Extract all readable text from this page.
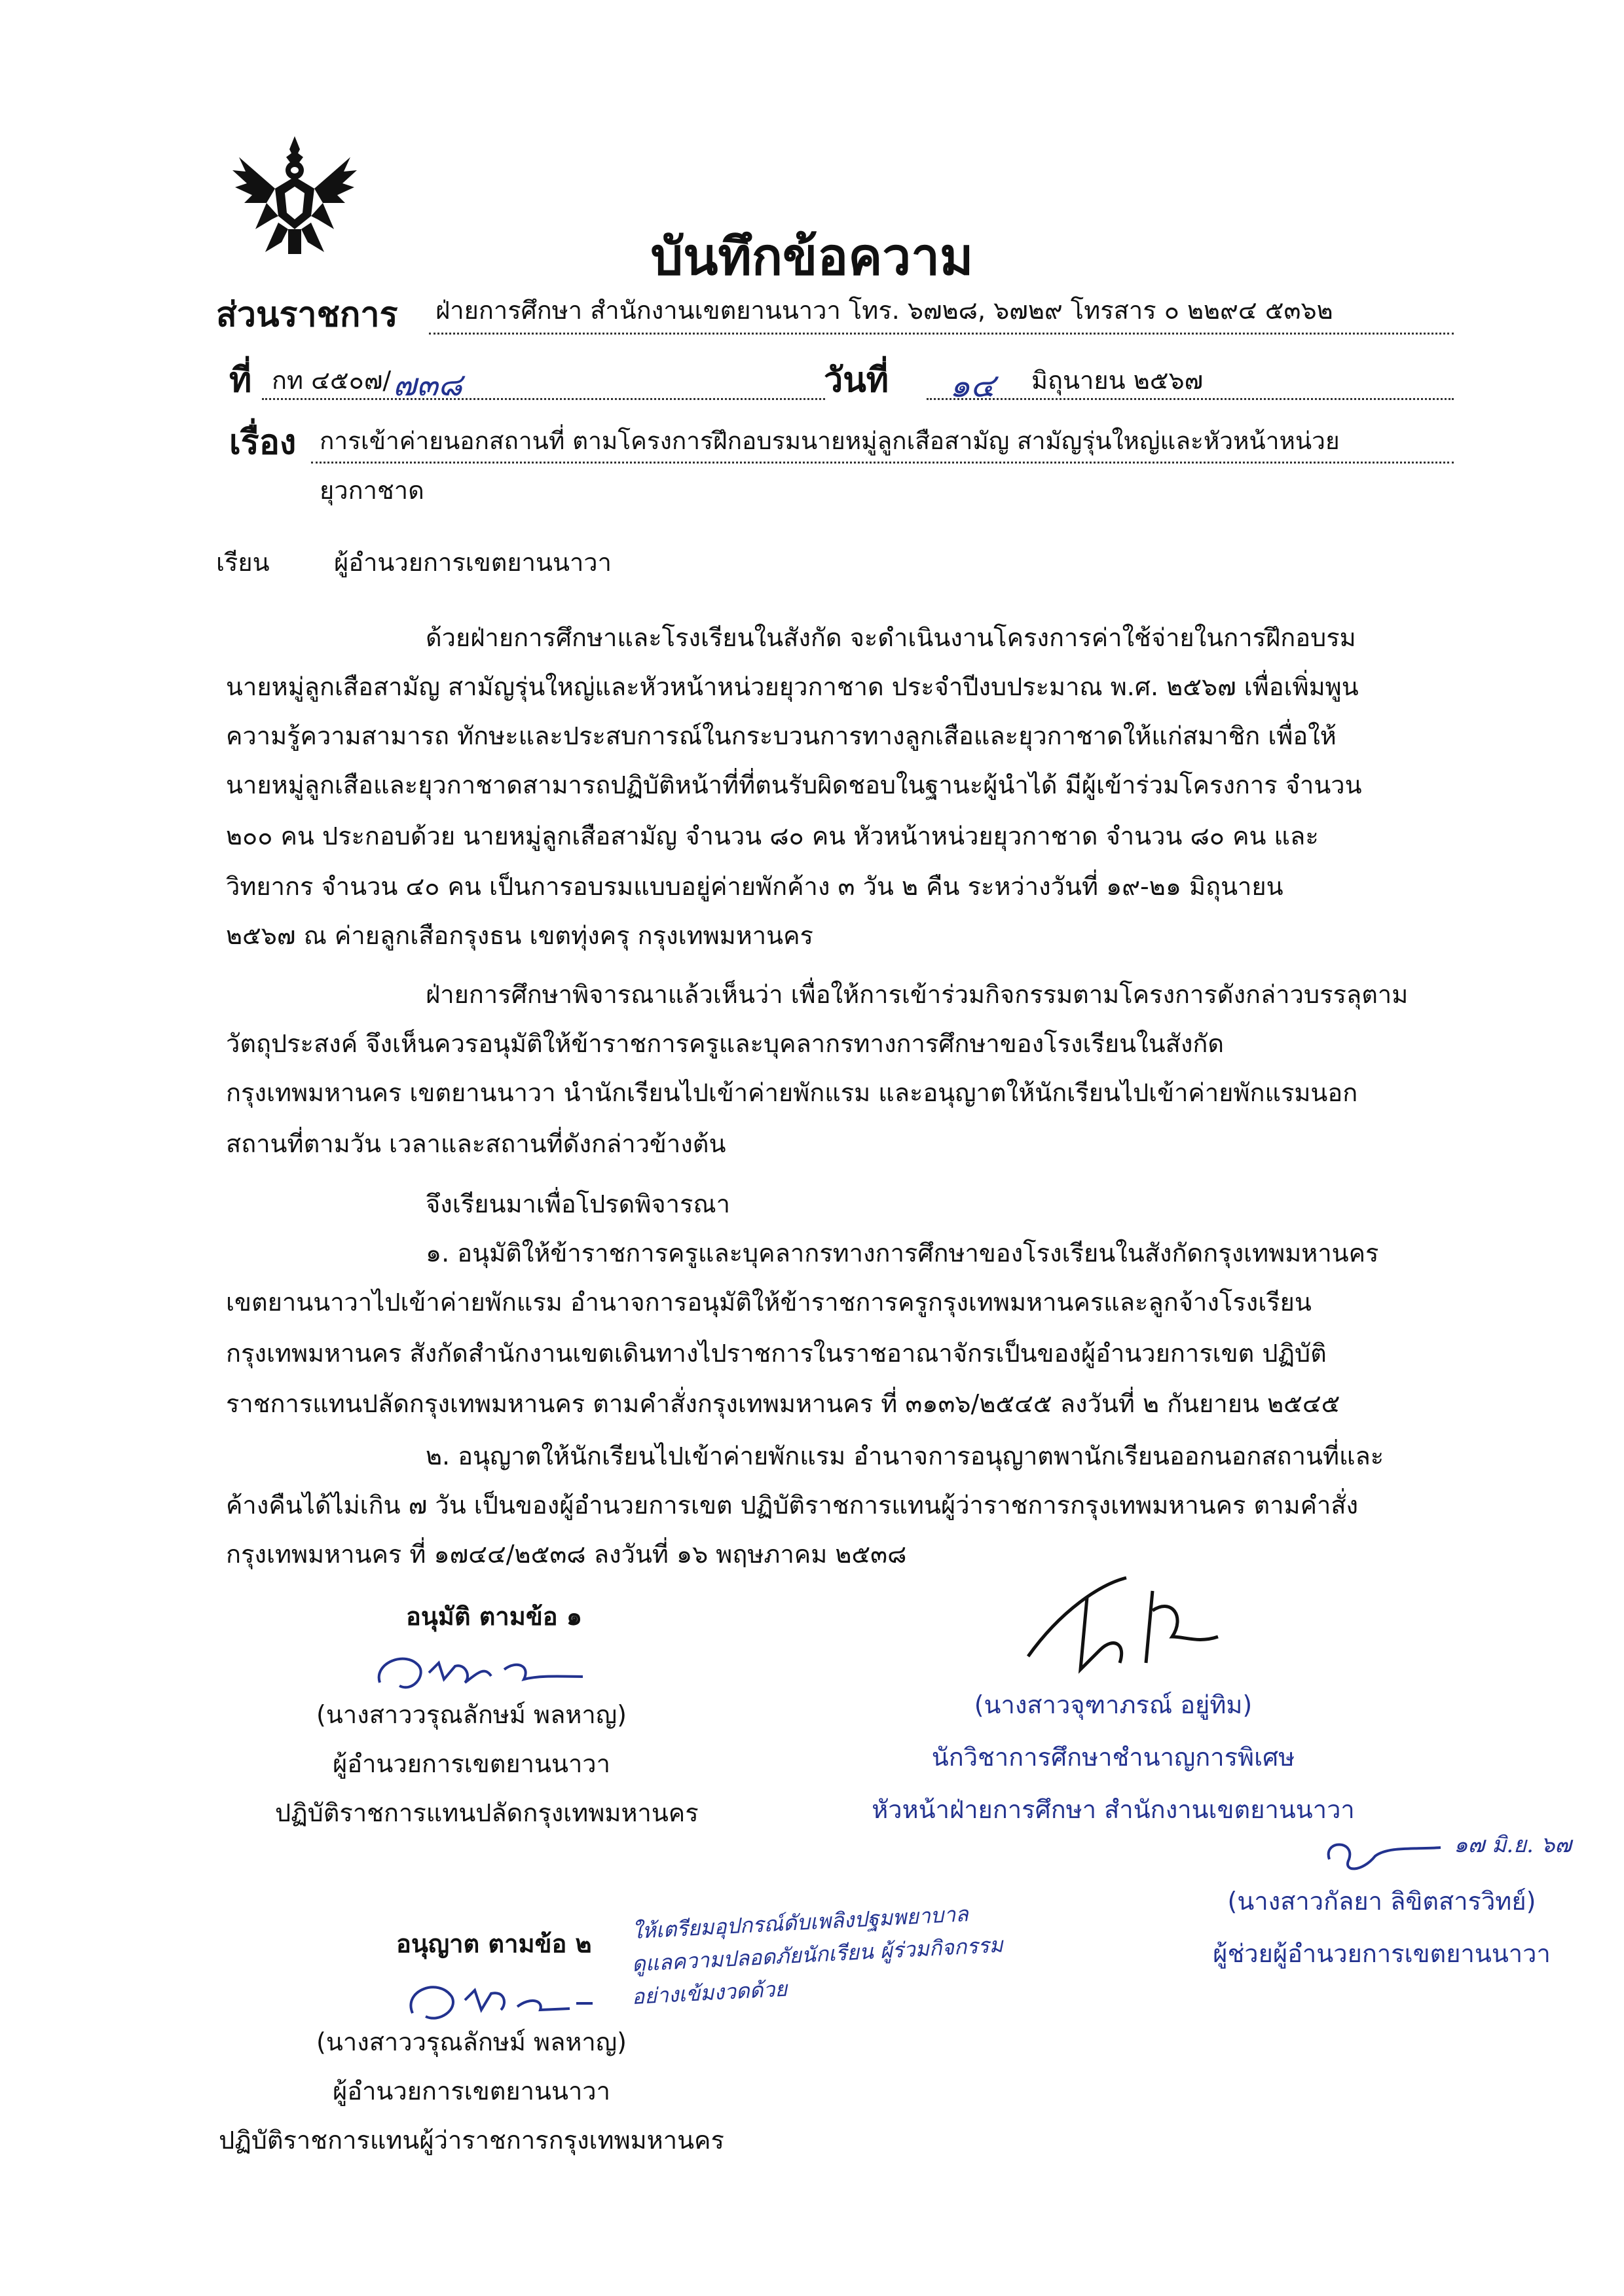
บันทึกข้อความ
ส่วนราชการ ฝ่ายการศึกษา สำนักงานเขตยานนาวา โทร. ๖๗๒๘, ๖๗๒๙ โทรสาร ๐ ๒๒๙๔ ๕๓๖๒
ที่ กท ๔๕๐๗/ ๗๓๘	วันที่ ๑๔ มิถุนายน ๒๕๖๗
เรื่อง การเข้าค่ายนอกสถานที่ ตามโครงการฝึกอบรมนายหมู่ลูกเสือสามัญ สามัญรุ่นใหญ่และหัวหน้าหน่วย
ยุวกาชาด
เรียน	ผู้อำนวยการเขตยานนาวา
ด้วยฝ่ายการศึกษาและโรงเรียนในสังกัด จะดำเนินงานโครงการค่าใช้จ่ายในการฝึกอบรม
นายหมู่ลูกเสือสามัญ สามัญรุ่นใหญ่และหัวหน้าหน่วยยุวกาชาด ประจำปีงบประมาณ พ.ศ. ๒๕๖๗ เพื่อเพิ่มพูน
ความรู้ความสามารถ ทักษะและประสบการณ์ในกระบวนการทางลูกเสือและยุวกาชาดให้แก่สมาชิก เพื่อให้
นายหมู่ลูกเสือและยุวกาชาดสามารถปฏิบัติหน้าที่ที่ตนรับผิดชอบในฐานะผู้นำได้ มีผู้เข้าร่วมโครงการ จำนวน
๒๐๐ คน ประกอบด้วย นายหมู่ลูกเสือสามัญ จำนวน ๘๐ คน หัวหน้าหน่วยยุวกาชาด จำนวน ๘๐ คน และ
วิทยากร จำนวน ๔๐ คน เป็นการอบรมแบบอยู่ค่ายพักค้าง ๓ วัน ๒ คืน ระหว่างวันที่ ๑๙-๒๑ มิถุนายน
๒๕๖๗ ณ ค่ายลูกเสือกรุงธน เขตทุ่งครุ กรุงเทพมหานคร
ฝ่ายการศึกษาพิจารณาแล้วเห็นว่า เพื่อให้การเข้าร่วมกิจกรรมตามโครงการดังกล่าวบรรลุตาม
วัตถุประสงค์ จึงเห็นควรอนุมัติให้ข้าราชการครูและบุคลากรทางการศึกษาของโรงเรียนในสังกัด
กรุงเทพมหานคร เขตยานนาวา นำนักเรียนไปเข้าค่ายพักแรม และอนุญาตให้นักเรียนไปเข้าค่ายพักแรมนอก
สถานที่ตามวัน เวลาและสถานที่ดังกล่าวข้างต้น
จึงเรียนมาเพื่อโปรดพิจารณา
๑. อนุมัติให้ข้าราชการครูและบุคลากรทางการศึกษาของโรงเรียนในสังกัดกรุงเทพมหานคร
เขตยานนาวาไปเข้าค่ายพักแรม อำนาจการอนุมัติให้ข้าราชการครูกรุงเทพมหานครและลูกจ้างโรงเรียน
กรุงเทพมหานคร สังกัดสำนักงานเขตเดินทางไปราชการในราชอาณาจักรเป็นของผู้อำนวยการเขต ปฏิบัติ
ราชการแทนปลัดกรุงเทพมหานคร ตามคำสั่งกรุงเทพมหานคร ที่ ๓๑๓๖/๒๕๔๕ ลงวันที่ ๒ กันยายน ๒๕๔๕
๒. อนุญาตให้นักเรียนไปเข้าค่ายพักแรม อำนาจการอนุญาตพานักเรียนออกนอกสถานที่และ
ค้างคืนได้ไม่เกิน ๗ วัน เป็นของผู้อำนวยการเขต ปฏิบัติราชการแทนผู้ว่าราชการกรุงเทพมหานคร ตามคำสั่ง
กรุงเทพมหานคร ที่ ๑๗๔๔/๒๕๓๘ ลงวันที่ ๑๖ พฤษภาคม ๒๕๓๘
อนุมัติ ตามข้อ ๑
(นางสาววรุณลักษม์ พลหาญ)
ผู้อำนวยการเขตยานนาวา
ปฏิบัติราชการแทนปลัดกรุงเทพมหานคร
(นางสาวจุฑาภรณ์ อยู่ทิม)
นักวิชาการศึกษาชำนาญการพิเศษ
หัวหน้าฝ่ายการศึกษา สำนักงานเขตยานนาวา
๑๗ มิ.ย. ๖๗
(นางสาวกัลยา ลิขิตสารวิทย์)
ผู้ช่วยผู้อำนวยการเขตยานนาวา
อนุญาต ตามข้อ ๒
ให้เตรียมอุปกรณ์ดับเพลิงปฐมพยาบาล
ดูแลความปลอดภัยนักเรียน ผู้ร่วมกิจกรรม
อย่างเข้มงวดด้วย
(นางสาววรุณลักษม์ พลหาญ)
ผู้อำนวยการเขตยานนาวา
ปฏิบัติราชการแทนผู้ว่าราชการกรุงเทพมหานคร
